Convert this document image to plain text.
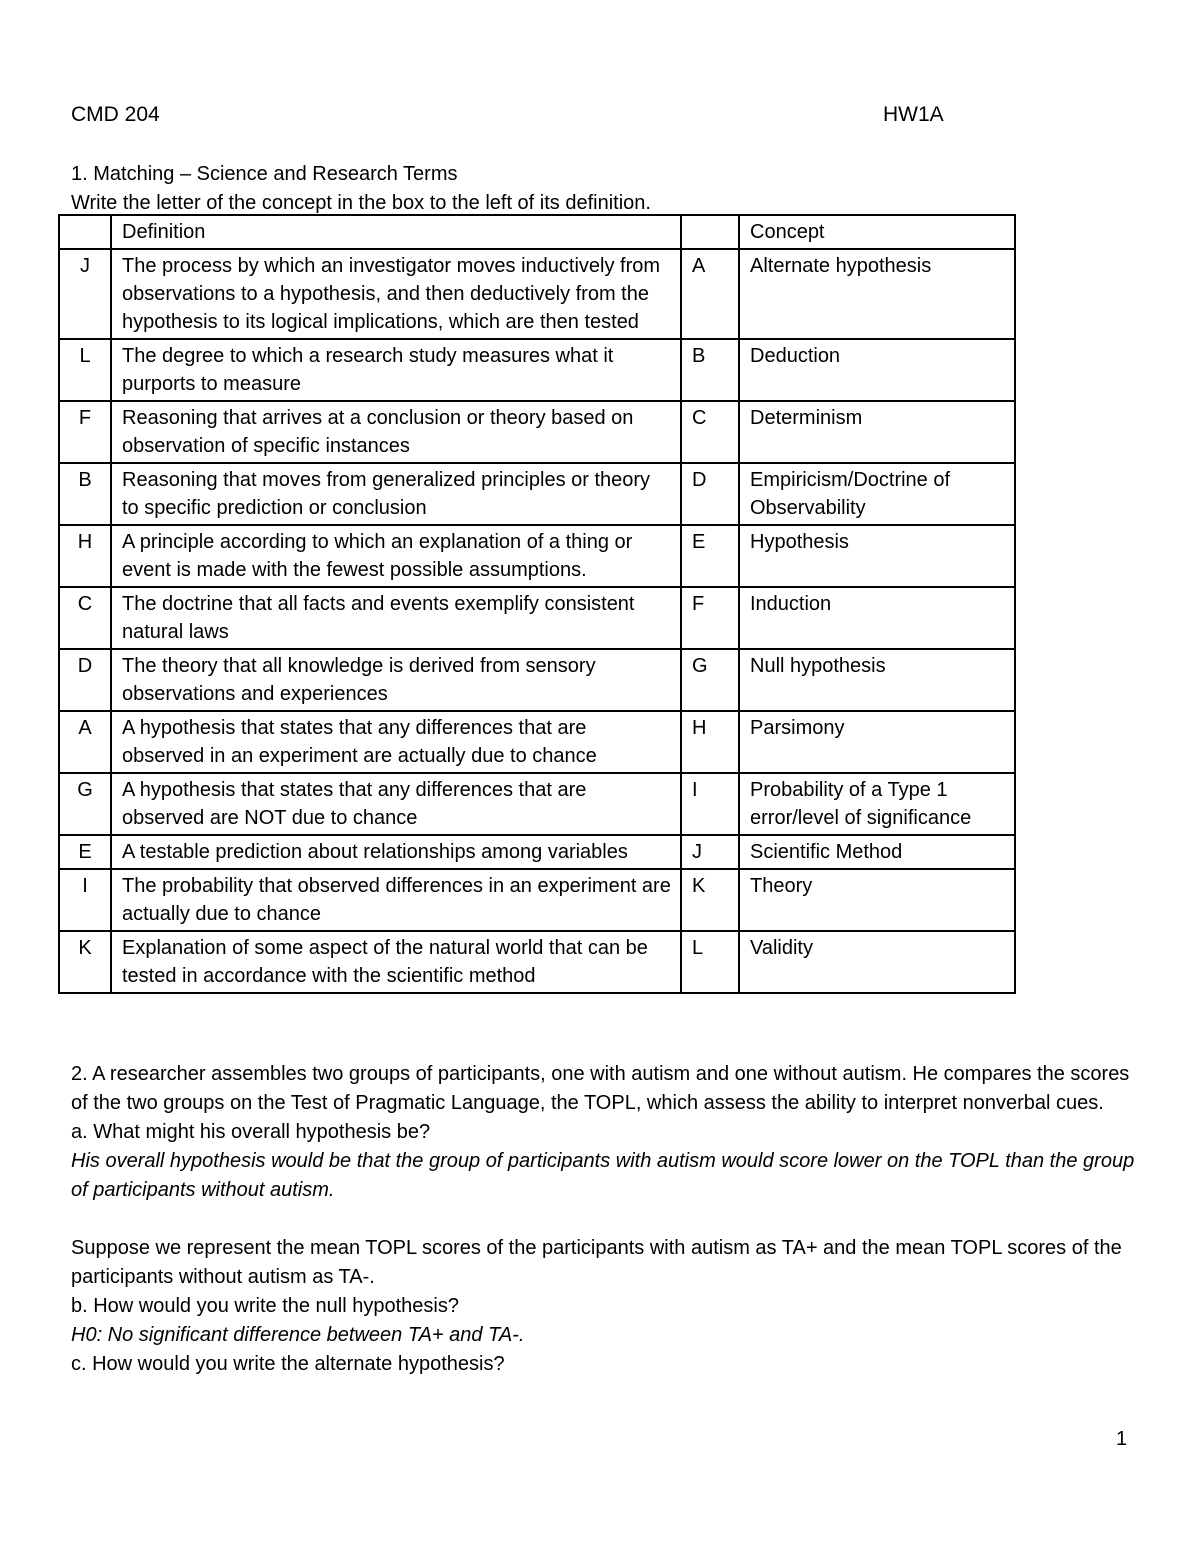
CMD 204	HW1A
1. Matching – Science and Research Terms
Write the letter of the concept in the box to the left of its definition.
	Definition		Concept
J	The process by which an investigator moves inductively from observations to a hypothesis, and then deductively from the hypothesis to its logical implications, which are then tested	A	Alternate hypothesis
L	The degree to which a research study measures what it purports to measure	B	Deduction
F	Reasoning that arrives at a conclusion or theory based on observation of specific instances	C	Determinism
B	Reasoning that moves from generalized principles or theory to specific prediction or conclusion	D	Empiricism/Doctrine of Observability
H	A principle according to which an explanation of a thing or event is made with the fewest possible assumptions.	E	Hypothesis
C	The doctrine that all facts and events exemplify consistent natural laws	F	Induction
D	The theory that all knowledge is derived from sensory observations and experiences	G	Null hypothesis
A	A hypothesis that states that any differences that are observed in an experiment are actually due to chance	H	Parsimony
G	A hypothesis that states that any differences that are observed are NOT due to chance	I	Probability of a Type 1 error/level of significance
E	A testable prediction about relationships among variables	J	Scientific Method
I	The probability that observed differences in an experiment are actually due to chance	K	Theory
K	Explanation of some aspect of the natural world that can be tested in accordance with the scientific method	L	Validity

2. A researcher assembles two groups of participants, one with autism and one without autism. He compares the scores of the two groups on the Test of Pragmatic Language, the TOPL, which assess the ability to interpret nonverbal cues.

a. What might his overall hypothesis be?

His overall hypothesis would be that the group of participants with autism would score lower on the TOPL than the group of participants without autism.

Suppose we represent the mean TOPL scores of the participants with autism as TA+ and the mean TOPL scores of the participants without autism as TA-.

b. How would you write the null hypothesis?

H0: No significant difference between TA+ and TA-.

c. How would you write the alternate hypothesis?

1
